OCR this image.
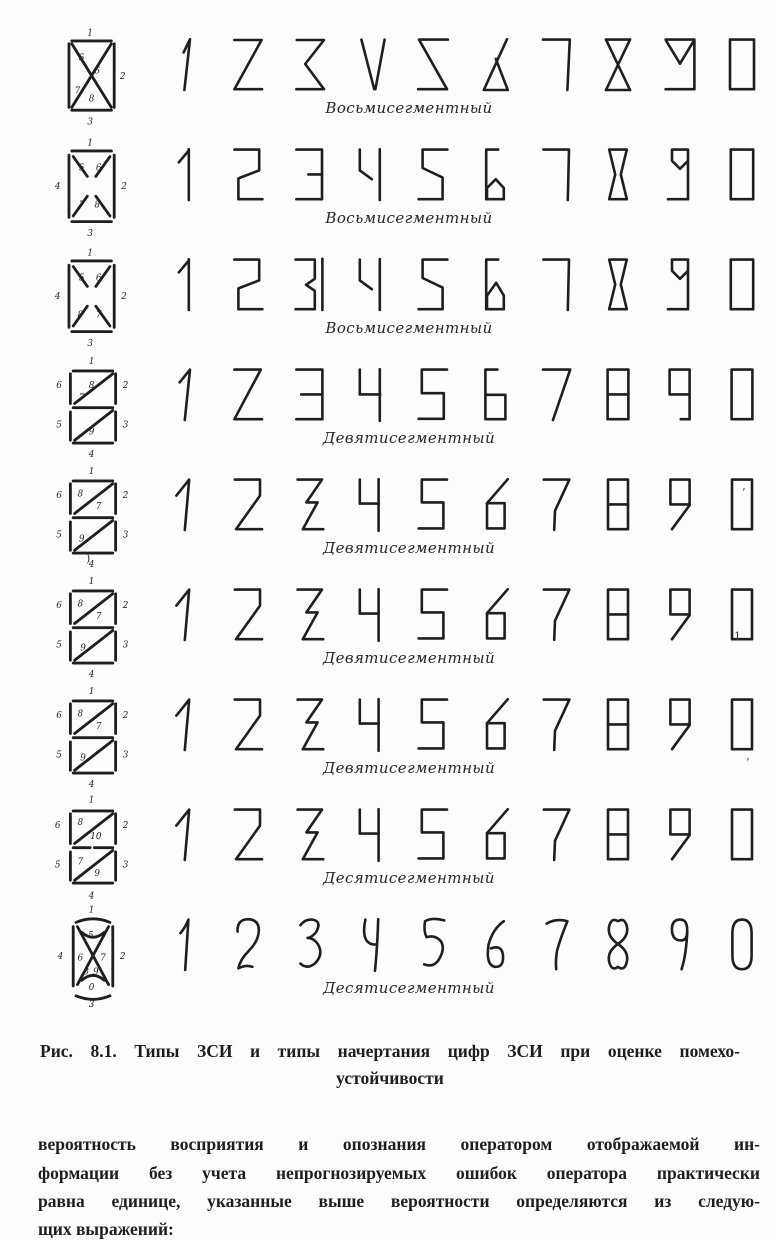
1
5
6
2
7
8
3
Восьмисегментный
1
4	2
3
5 6
7 8
Восьмисегментный
1
4	2
3
5 6
8 7
Восьмисегментный
1
6	2
5	3
4
7
8
9	Девятисегментный
1
6	2
5	3
4
8
7
9	Девятисегментный
1
6	2
5	3
4
8
7
9
Девятисегментный
1
6	2
5	3
4
8
7
9
Девятисегментный
1
6	2
5	3
4
8
10
7
9	Десятисегментный
1
2
3
4
5
6 7
8 9
0	Десятисегментный
Рис. 8.1. Типы ЗСИ и типы начертания цифр ЗСИ при оценке помехо-
устойчивости
вероятность восприятия и опознания оператором отображаемой ин-
формации без учета непрогнозируемых ошибок оператора практически
равна единице, указанные выше вероятности определяются из следую-
щих выражений:
’
)
’
1
